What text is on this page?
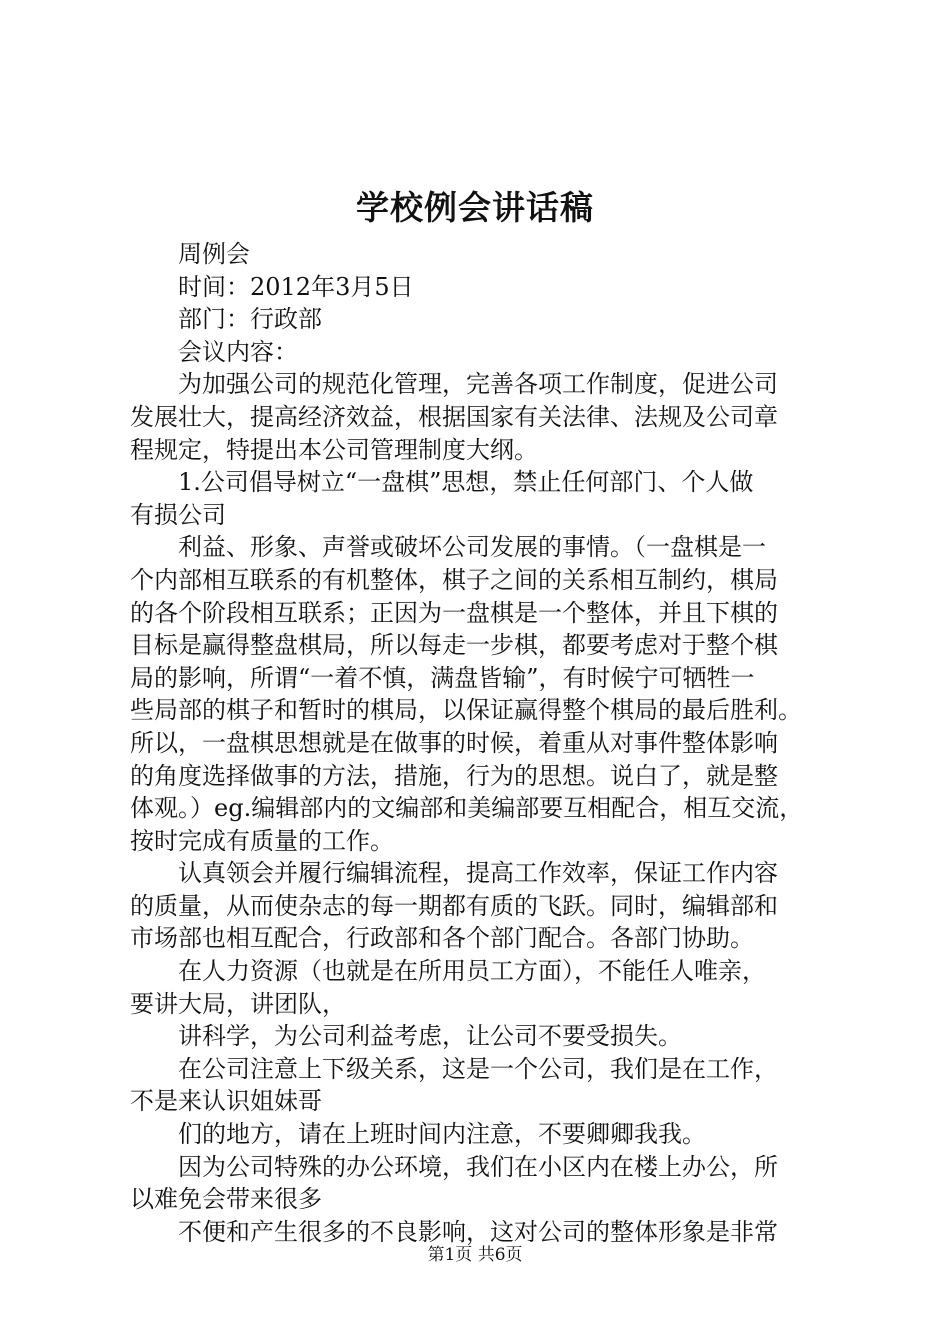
学校例会讲话稿

周例会

时间：2012年3月5日

部门：行政部

会议内容：

为加强公司的规范化管理，完善各项工作制度，促进公司

发展壮大，提高经济效益，根据国家有关法律、法规及公司章

程规定，特提出本公司管理制度大纲。

1.公司倡导树立“一盘棋”思想，禁止任何部门、个人做

有损公司

利益、形象、声誉或破坏公司发展的事情。（一盘棋是一

个内部相互联系的有机整体，棋子之间的关系相互制约，棋局

的各个阶段相互联系；正因为一盘棋是一个整体，并且下棋的

目标是赢得整盘棋局，所以每走一步棋，都要考虑对于整个棋

局的影响，所谓“一着不慎，满盘皆输”，有时候宁可牺牲一

些局部的棋子和暂时的棋局，以保证赢得整个棋局的最后胜利。

所以，一盘棋思想就是在做事的时候，着重从对事件整体影响

的角度选择做事的方法，措施，行为的思想。说白了，就是整

体观。）eg.编辑部内的文编部和美编部要互相配合，相互交流，

按时完成有质量的工作。

认真领会并履行编辑流程，提高工作效率，保证工作内容

的质量，从而使杂志的每一期都有质的飞跃。同时，编辑部和

市场部也相互配合，行政部和各个部门配合。各部门协助。

在人力资源（也就是在所用员工方面），不能任人唯亲，

要讲大局，讲团队，

讲科学，为公司利益考虑，让公司不要受损失。

在公司注意上下级关系，这是一个公司，我们是在工作，

不是来认识姐妹哥

们的地方，请在上班时间内注意，不要卿卿我我。

因为公司特殊的办公环境，我们在小区内在楼上办公，所

以难免会带来很多

不便和产生很多的不良影响，这对公司的整体形象是非常

第1页 共6页
